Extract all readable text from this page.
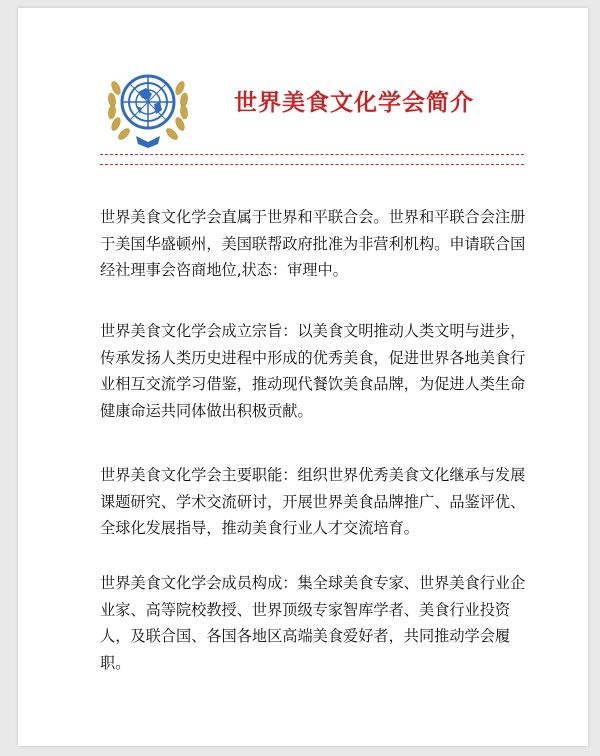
世界美食文化学会简介

世界美食文化学会直属于世界和平联合会。世界和平联合会注册于美国华盛顿州，美国联帮政府批准为非营利机构。申请联合国经社理事会咨商地位,状态：审理中。

世界美食文化学会成立宗旨：以美食文明推动人类文明与进步，传承发扬人类历史进程中形成的优秀美食，促进世界各地美食行业相互交流学习借鉴，推动现代餐饮美食品牌，为促进人类生命健康命运共同体做出积极贡献。

世界美食文化学会主要职能：组织世界优秀美食文化继承与发展课题研究、学术交流研讨，开展世界美食品牌推广、品鉴评优、全球化发展指导，推动美食行业人才交流培育。

世界美食文化学会成员构成：集全球美食专家、世界美食行业企业家、高等院校教授、世界顶级专家智库学者、美食行业投资人，及联合国、各国各地区高端美食爱好者，共同推动学会履职。
